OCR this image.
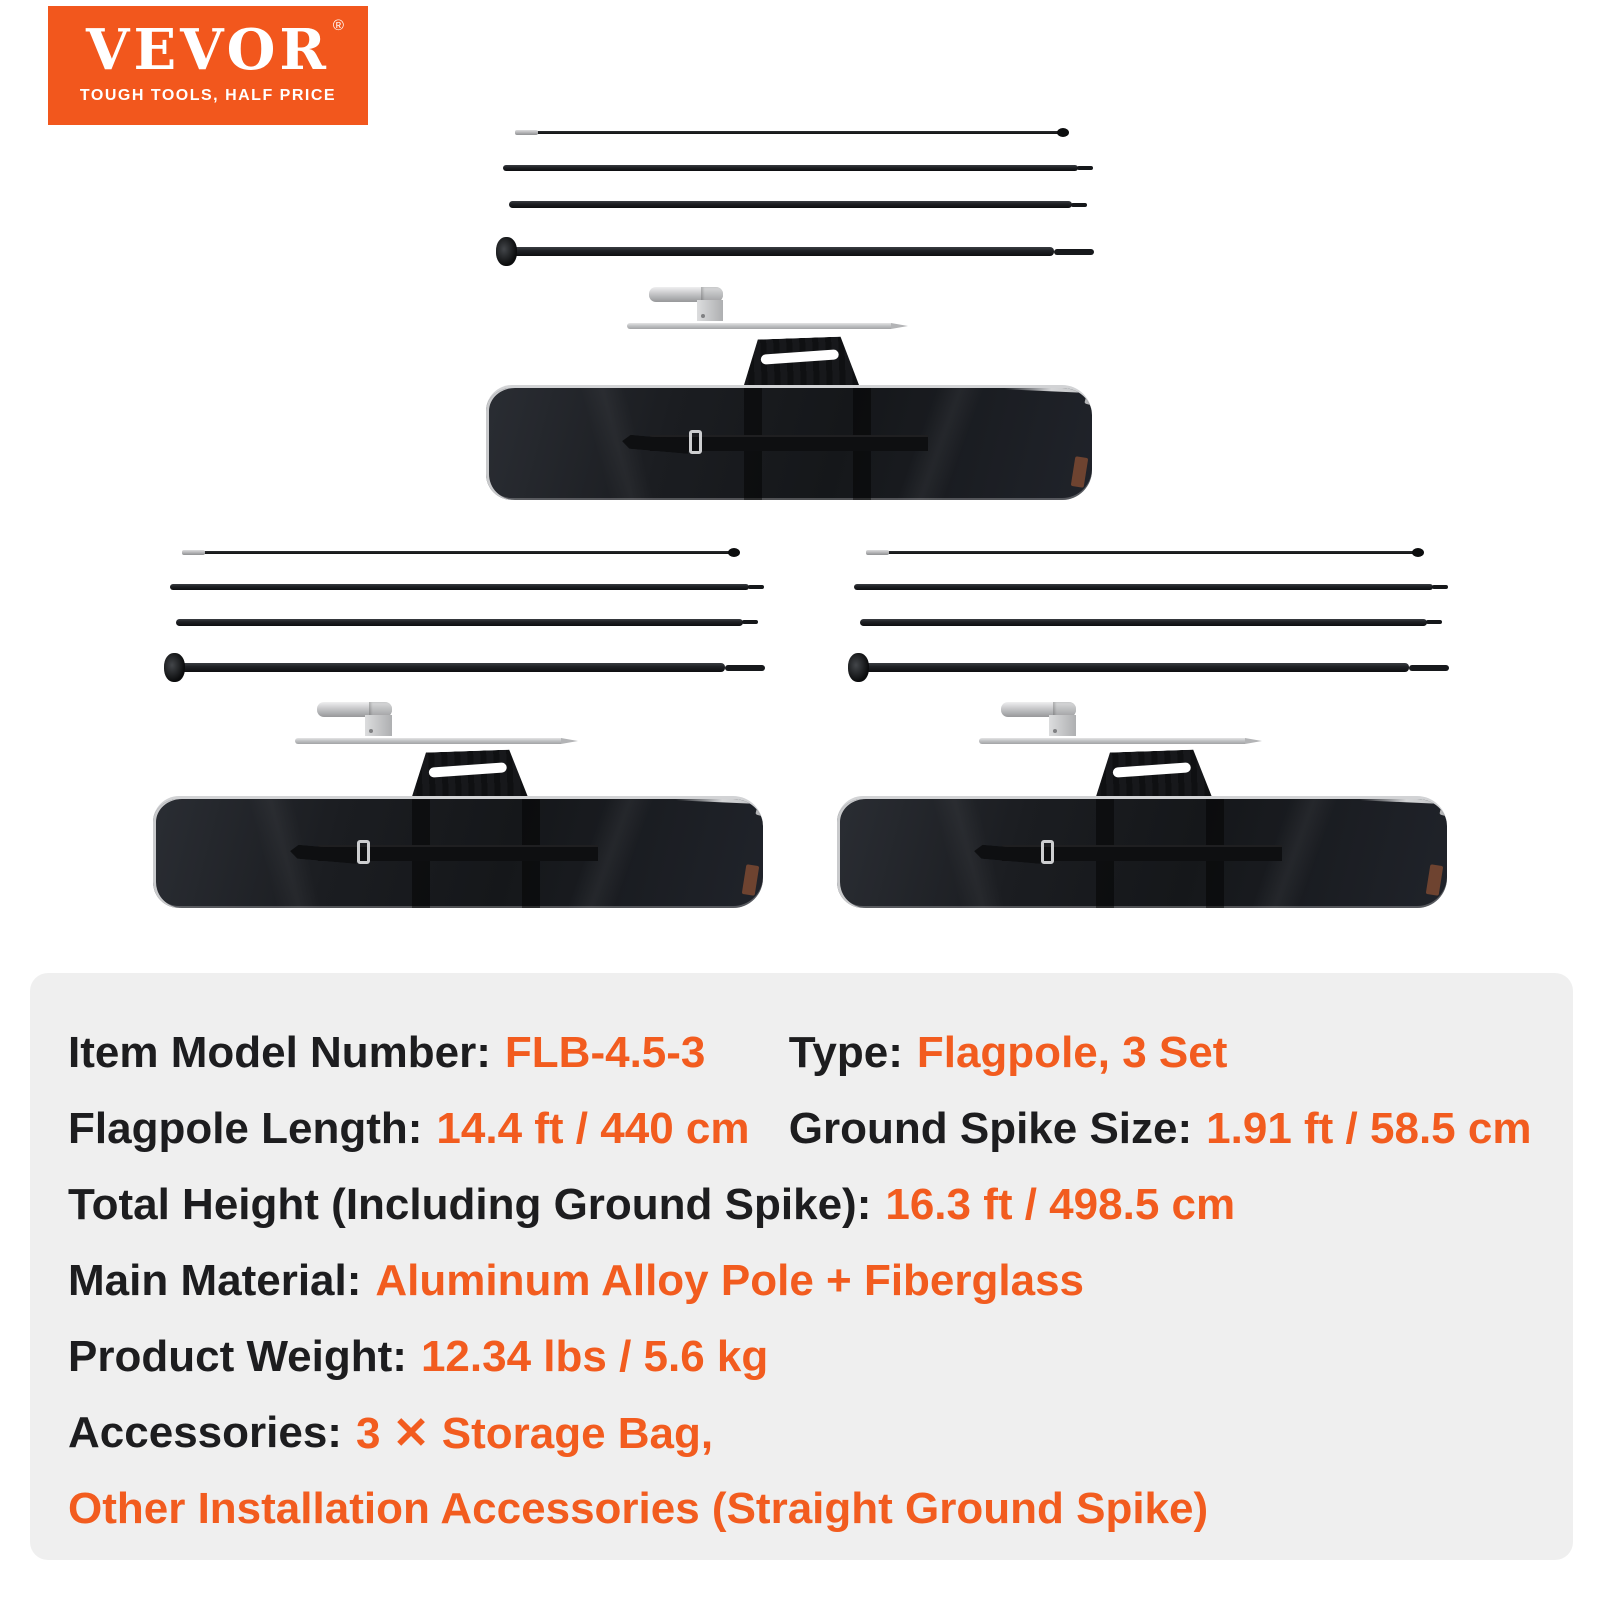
VEVOR ®
TOUGH TOOLS, HALF PRICE
Item Model Number: FLB-4.5-3 Type: Flagpole, 3 Set
Flagpole Length: 14.4 ft / 440 cm Ground Spike Size: 1.91 ft / 58.5 cm
Total Height (Including Ground Spike): 16.3 ft / 498.5 cm
Main Material: Aluminum Alloy Pole + Fiberglass
Product Weight: 12.34 lbs / 5.6 kg
Accessories: 3 ✕ Storage Bag,
Other Installation Accessories (Straight Ground Spike)
